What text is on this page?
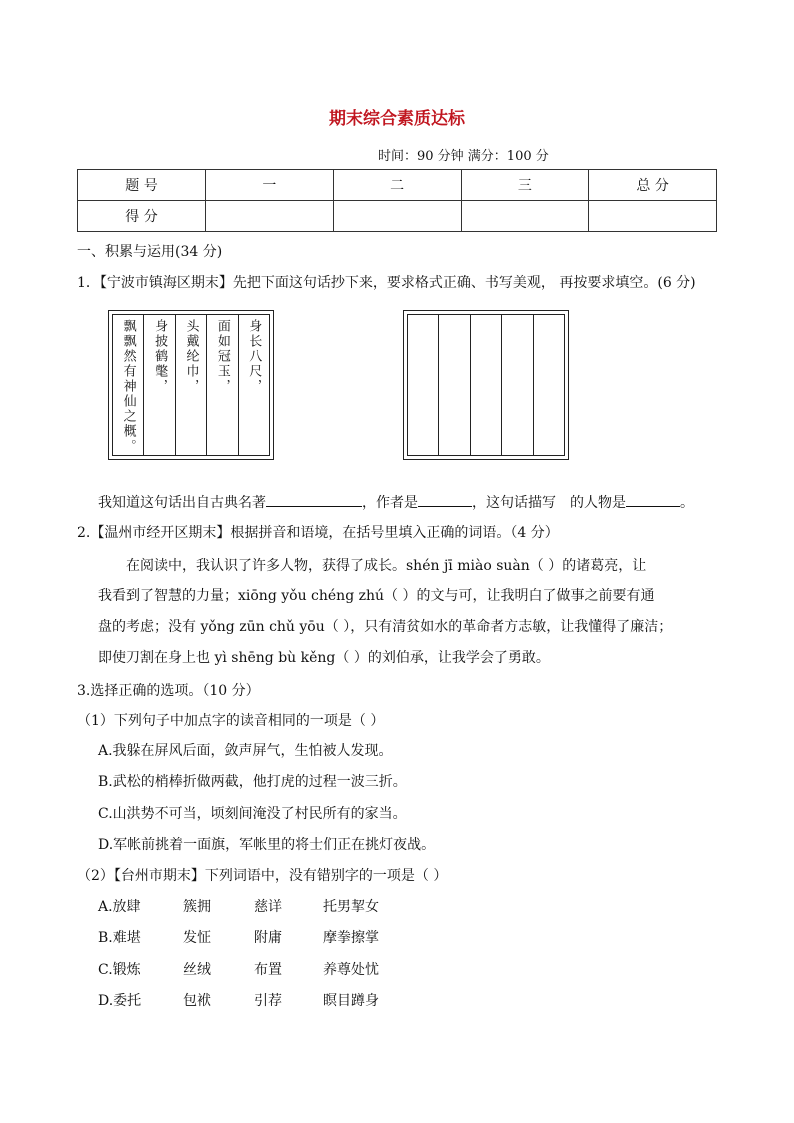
期末综合素质达标
时间：90 分钟 满分：100 分
题 号	一	二	三	总 分
得 分				
一、积累与运用(34 分)
1．【宁波市镇海区期末】先把下面这句话抄下来，要求格式正确、书写美观， 再按要求填空。(6 分)
身长八尺，
面如冠玉，
头戴纶巾，
身披鹤氅，
飘飘然有神仙之概。
我知道这句话出自古典名著	，作者是	，这句话描写 的人物是	。
2.【温州市经开区期末】根据拼音和语境，在括号里填入正确的词语。（4 分）
在阅读中，我认识了许多人物，获得了成长。shén jī miào suàn（ ）的诸葛亮，让
我看到了智慧的力量；xiōng yǒu chéng zhú（ ）的文与可，让我明白了做事之前要有通
盘的考虑；没有 yǒng zūn chǔ yōu（ ），只有清贫如水的革命者方志敏，让我懂得了廉洁；
即使刀割在身上也 yì shēng bù kěng（ ）的刘伯承，让我学会了勇敢。
3.选择正确的选项。（10 分）
（1）下列句子中加点字的读音相同的一项是（ ）
A.我躲在屏风后面，敛声屏气，生怕被人发现。
B.武松的梢棒折做两截，他打虎的过程一波三折。
C.山洪势不可当，顷刻间淹没了村民所有的家当。
D.军帐前挑着一面旗，军帐里的将士们正在挑灯夜战。
（2）【台州市期末】下列词语中，没有错别字的一项是（ ）
A.放肆	簇拥	慈详	托男挈女
B.难堪	发怔	附庸	摩拳擦掌
C.锻炼	丝绒	布置	养尊处忧
D.委托	包袱	引荐	瞑目蹲身
